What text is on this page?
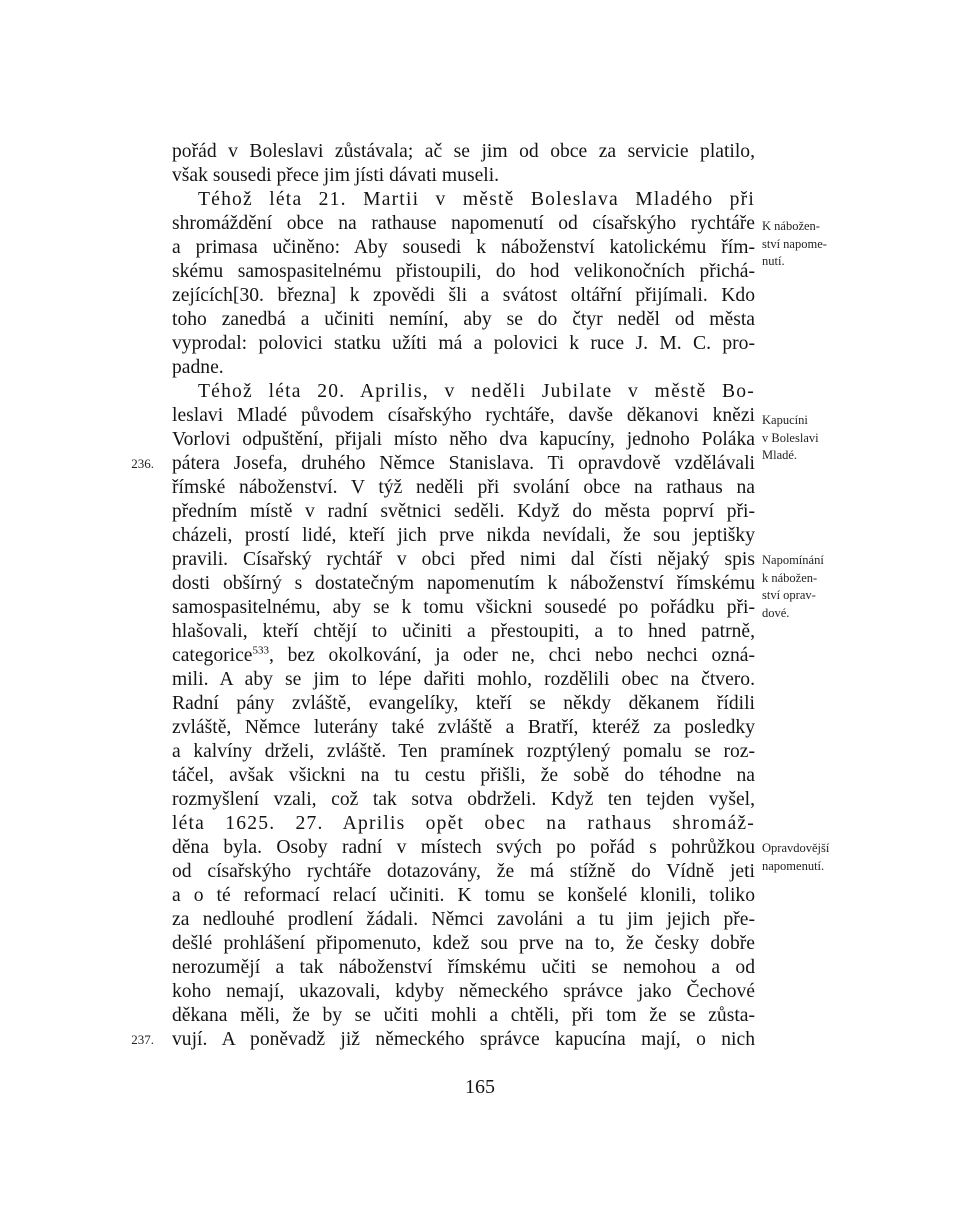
pořád v Boleslavi zůstávala; ač se jim od obce za servicie platilo,
však sousedi přece jim jísti dávati museli.
Téhož léta 21. Martii v městě Boleslava Mladého při
shromáždění obce na rathause napomenutí od císařskýho rychtáře
a primasa učiněno: Aby sousedi k náboženství katolickému řím-
skému samospasitelnému přistoupili, do hod velikonočních přichá-
zejících[30. března] k zpovědi šli a svátost oltářní přijímali. Kdo
toho zanedbá a učiniti nemíní, aby se do čtyr neděl od města
vyprodal: polovici statku užíti má a polovici k ruce J. M. C. pro-
padne.
Téhož léta 20. Aprilis, v neděli Jubilate v městě Bo-
leslavi Mladé původem císařskýho rychtáře, davše děkanovi knězi
Vorlovi odpuštění, přijali místo něho dva kapucíny, jednoho Poláka
pátera Josefa, druhého Němce Stanislava. Ti opravdově vzdělávali
římské náboženství. V týž neděli při svolání obce na rathaus na
předním místě v radní světnici seděli. Když do města poprví při-
cházeli, prostí lidé, kteří jich prve nikda nevídali, že sou jeptišky
pravili. Císařský rychtář v obci před nimi dal čísti nějaký spis
dosti obšírný s dostatečným napomenutím k náboženství římskému
samospasitelnému, aby se k tomu všickni sousedé po pořádku při-
hlašovali, kteří chtějí to učiniti a přestoupiti, a to hned patrně,
categorice$^{533}$, bez okolkování, ja oder ne, chci nebo nechci ozná-
mili. A aby se jim to lépe dařiti mohlo, rozdělili obec na čtvero.
Radní pány zvláště, evangelíky, kteří se někdy děkanem řídili
zvláště, Němce luterány také zvláště a Bratří, kteréž za posledky
a kalvíny drželi, zvláště. Ten pramínek rozptýlený pomalu se roz-
táčel, avšak všickni na tu cestu přišli, že sobě do téhodne na
rozmyšlení vzali, což tak sotva obdrželi. Když ten tejden vyšel,
léta 1625. 27. Aprilis opět obec na rathaus shromáž-
děna byla. Osoby radní v místech svých po pořád s pohrůžkou
od císařskýho rychtáře dotazovány, že má stížně do Vídně jeti
a o té reformací relací učiniti. K tomu se konšelé klonili, toliko
za nedlouhé prodlení žádali. Němci zavoláni a tu jim jejich pře-
dešlé prohlášení připomenuto, kdež sou prve na to, že česky dobře
nerozumějí a tak náboženství římskému učiti se nemohou a od
koho nemají, ukazovali, kdyby německého správce jako Čechové
děkana měli, že by se učiti mohli a chtěli, při tom že se zůsta-
vují. A poněvadž již německého správce kapucína mají, o nich
236.
237.
K nábožen-
ství napome-
nutí.
Kapucíni
v Boleslavi
Mladé.
Napomínání
k nábožen-
ství oprav-
dové.
Opravdovější
napomenutí.
165
